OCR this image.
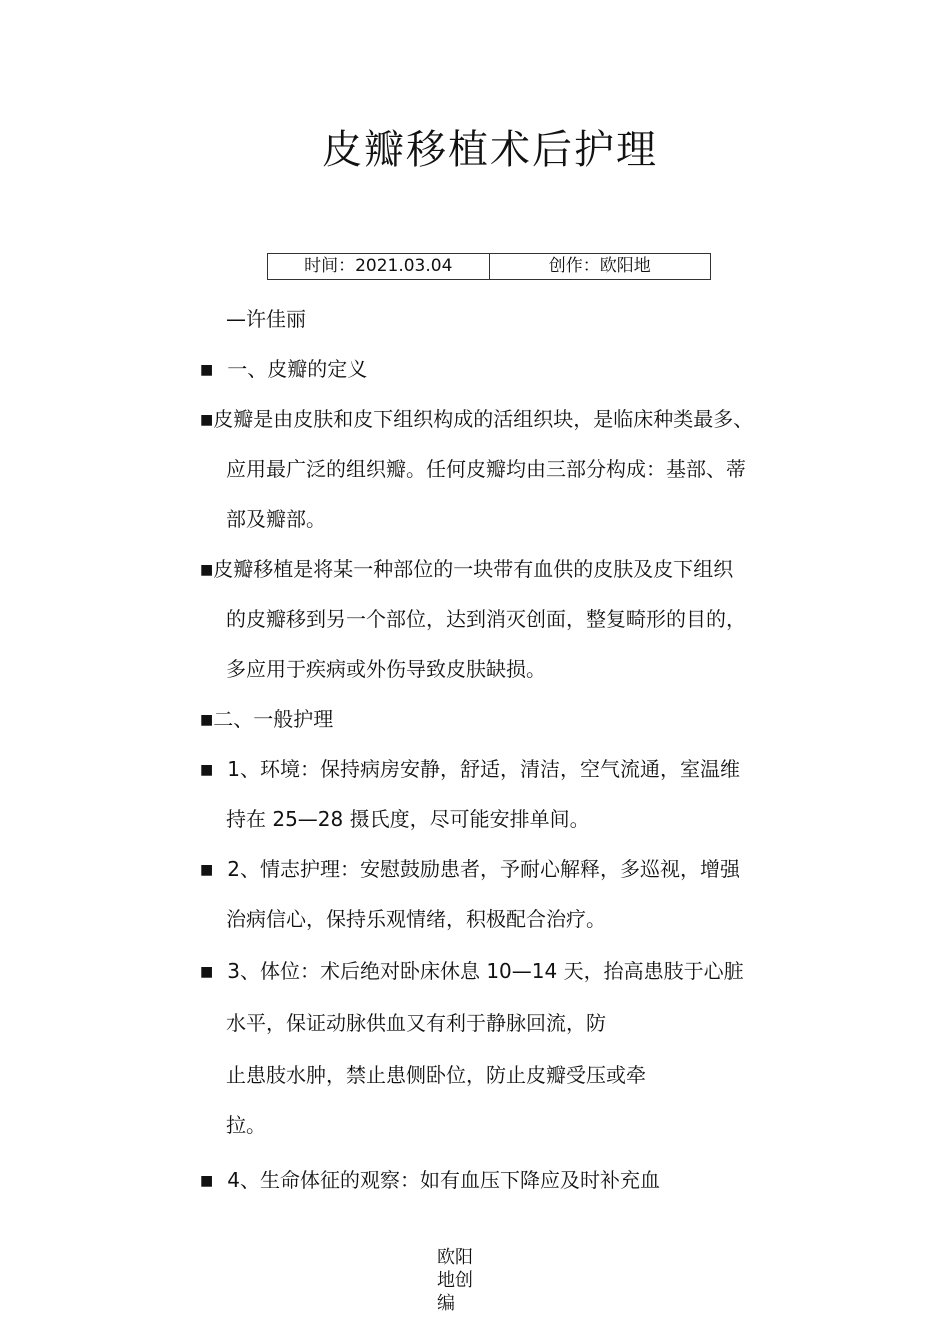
皮瓣移植术后护理
时间：2021.03.04	创作：欧阳地
—许佳丽
■ 一、皮瓣的定义
■皮瓣是由皮肤和皮下组织构成的活组织块，是临床种类最多、
应用最广泛的组织瓣。任何皮瓣均由三部分构成：基部、蒂
部及瓣部。
■皮瓣移植是将某一种部位的一块带有血供的皮肤及皮下组织
的皮瓣移到另一个部位，达到消灭创面，整复畸形的目的，
多应用于疾病或外伤导致皮肤缺损。
■二、一般护理
■ 1、环境：保持病房安静，舒适，清洁，空气流通，室温维
持在 25—28 摄氏度，尽可能安排单间。
■ 2、情志护理：安慰鼓励患者，予耐心解释，多巡视，增强
治病信心，保持乐观情绪，积极配合治疗。
■ 3、体位：术后绝对卧床休息 10—14 天，抬高患肢于心脏
水平，保证动脉供血又有利于静脉回流，防
止患肢水肿，禁止患侧卧位，防止皮瓣受压或牵
拉。
■ 4、生命体征的观察：如有血压下降应及时补充血
欧阳
地创
编
